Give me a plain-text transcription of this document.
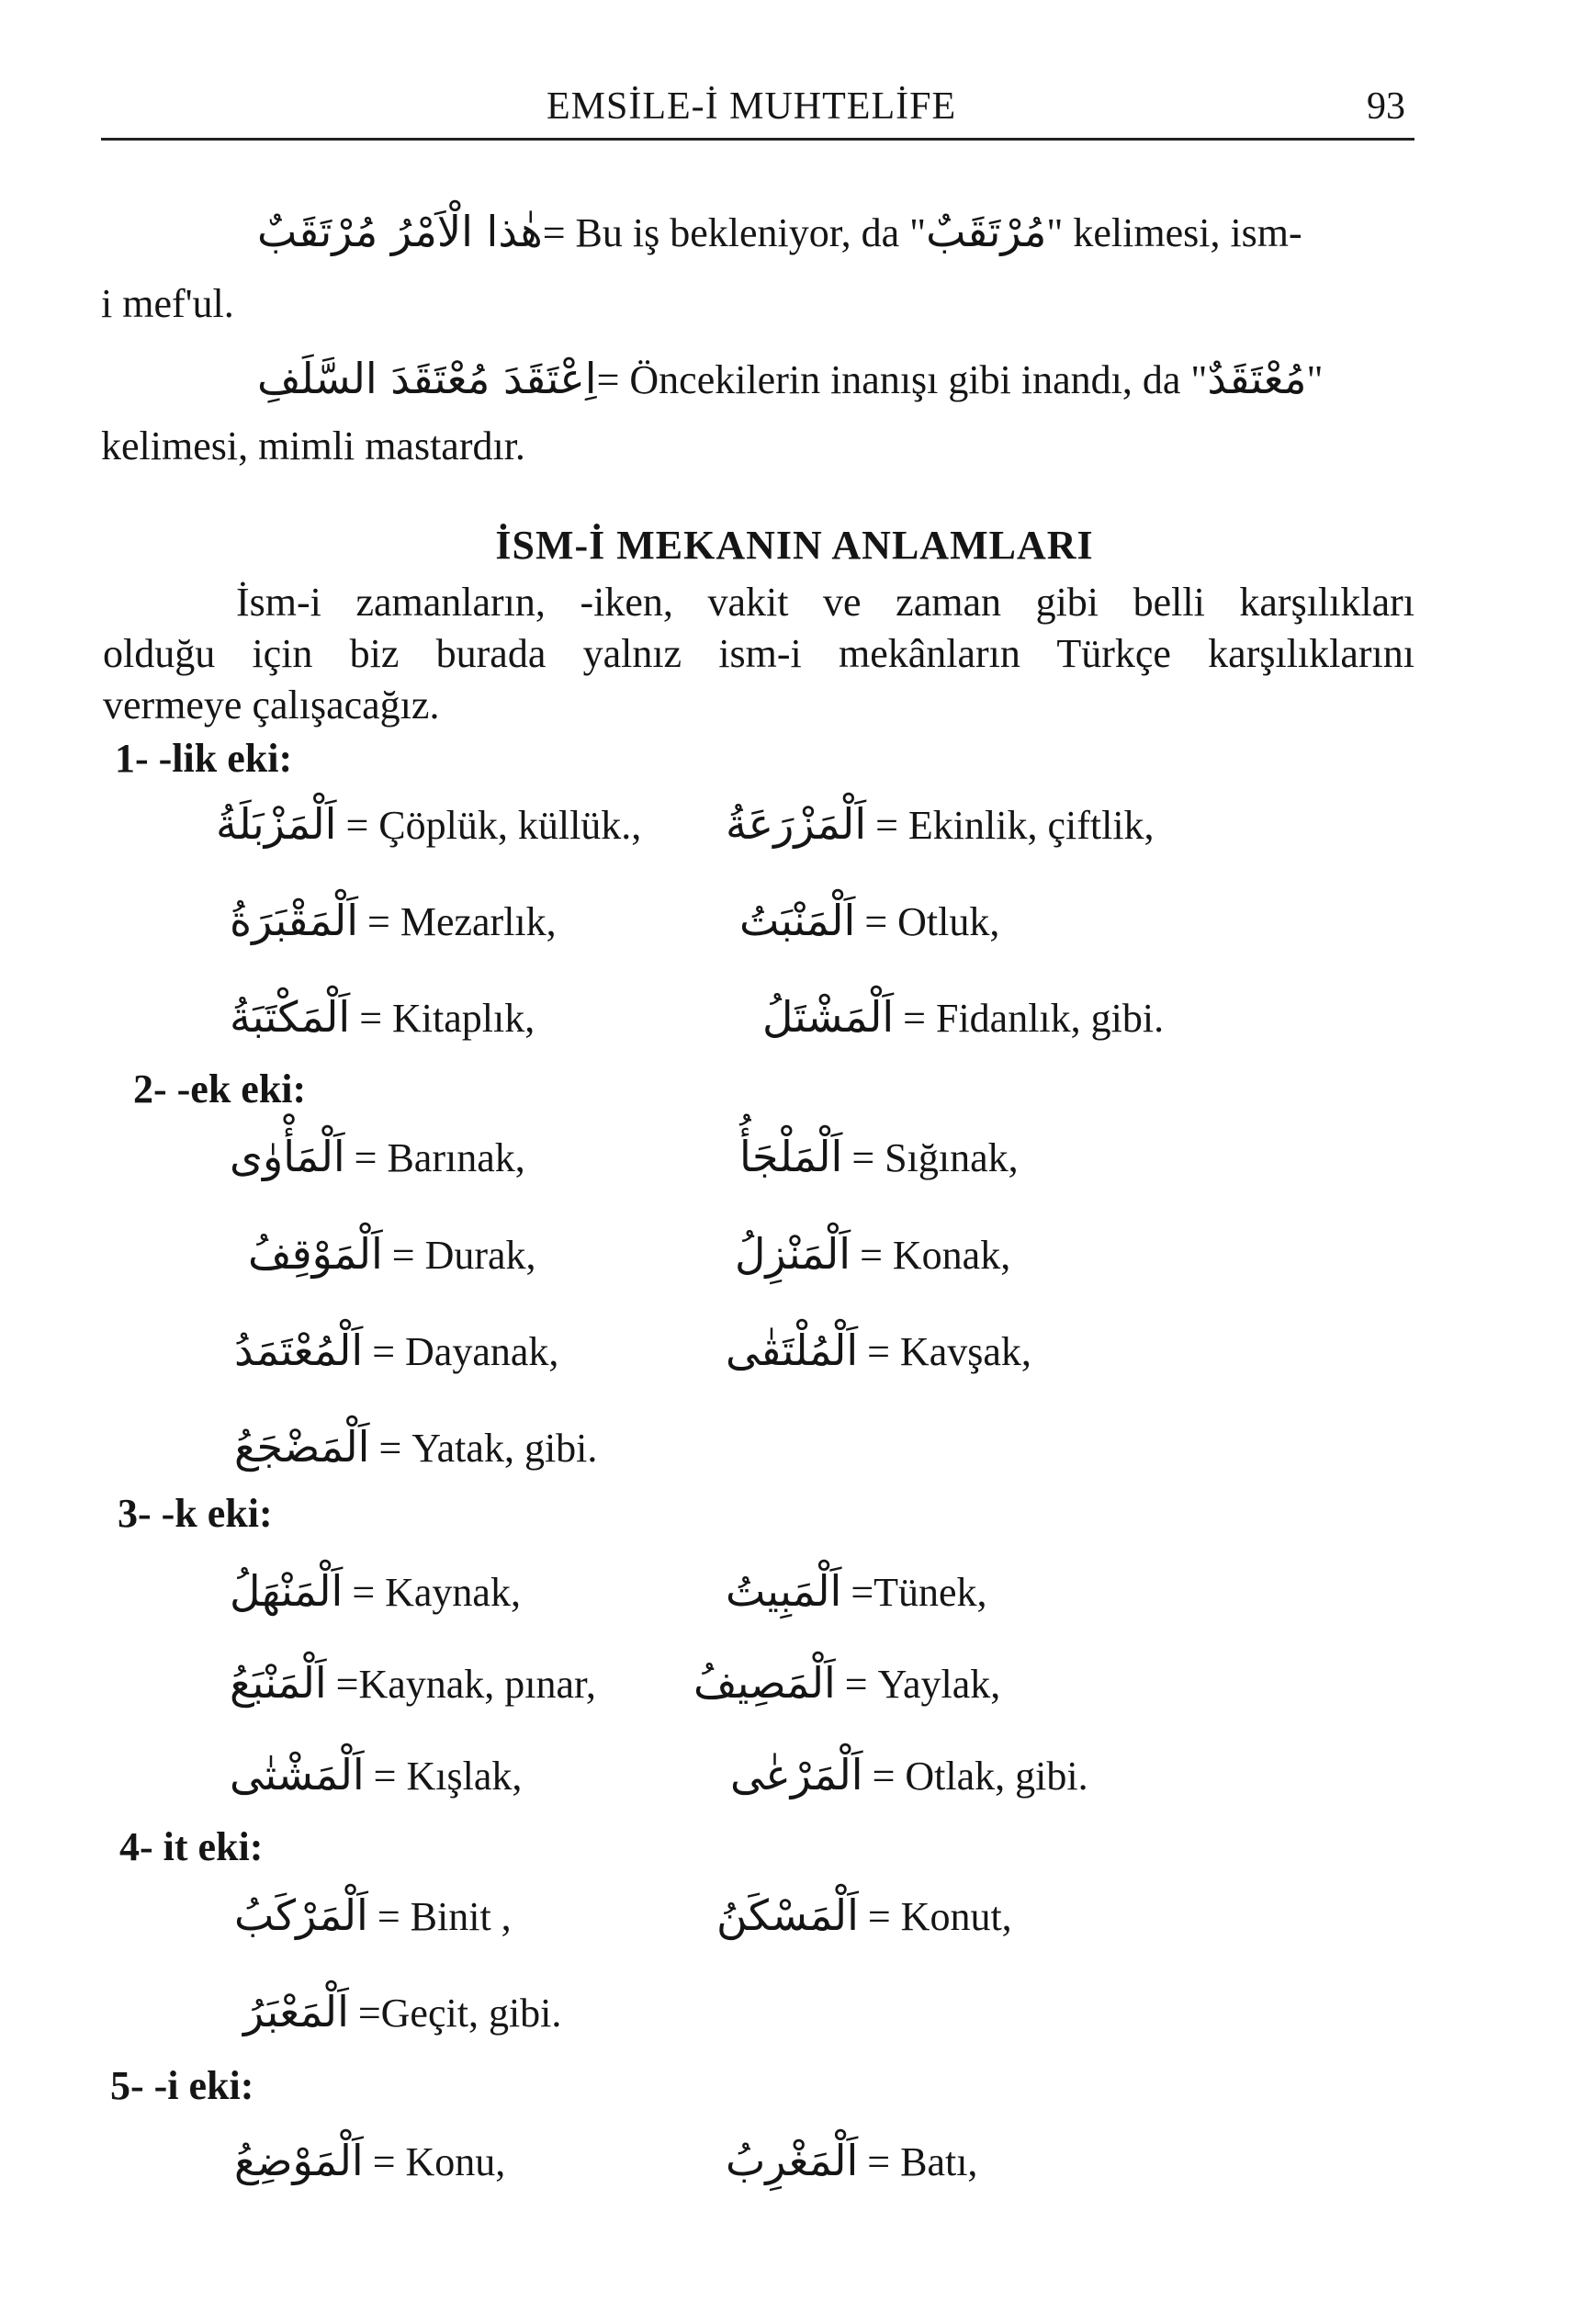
EMSİLE-İ MUHTELİFE	93
هٰذا الْاَمْرُ مُرْتَقَبٌ= Bu iş bekleniyor, da "مُرْتَقَبٌ" kelimesi, ism-
i mef'ul.
اِعْتَقَدَ مُعْتَقَدَ السَّلَفِ= Öncekilerin inanışı gibi inandı, da "مُعْتَقَدٌ"
kelimesi, mimli mastardır.
İSM-İ MEKANIN ANLAMLARI
İsm-i zamanların, -iken, vakit ve zaman gibi belli karşılıkları
olduğu için biz burada yalnız ism-i mekânların Türkçe karşılıklarını
vermeye çalışacağız.
1- -lik eki:
اَلْمَزْبَلَةُ = Çöplük, küllük., اَلْمَزْرَعَةُ = Ekinlik, çiftlik,
اَلْمَقْبَرَةُ = Mezarlık,	اَلْمَنْبَتُ = Otluk,
اَلْمَكْتَبَةُ = Kitaplık,	اَلْمَشْتَلُ = Fidanlık, gibi.
2- -ek eki:
اَلْمَأْوٰى = Barınak,	اَلْمَلْجَأُ = Sığınak,
اَلْمَوْقِفُ = Durak,	اَلْمَنْزِلُ = Konak,
اَلْمُعْتَمَدُ = Dayanak,	اَلْمُلْتَقٰى = Kavşak,
اَلْمَضْجَعُ = Yatak, gibi.
3- -k eki:
اَلْمَنْهَلُ = Kaynak,	اَلْمَبِيتُ =Tünek,
اَلْمَنْبَعُ =Kaynak, pınar, اَلْمَصِيفُ = Yaylak,
اَلْمَشْتٰى = Kışlak,	اَلْمَرْعٰى = Otlak, gibi.
4- it eki:
اَلْمَرْكَبُ = Binit ,	اَلْمَسْكَنُ = Konut,
اَلْمَعْبَرُ =Geçit, gibi.
5- -i eki:
اَلْمَوْضِعُ = Konu,	اَلْمَغْرِبُ = Batı,
